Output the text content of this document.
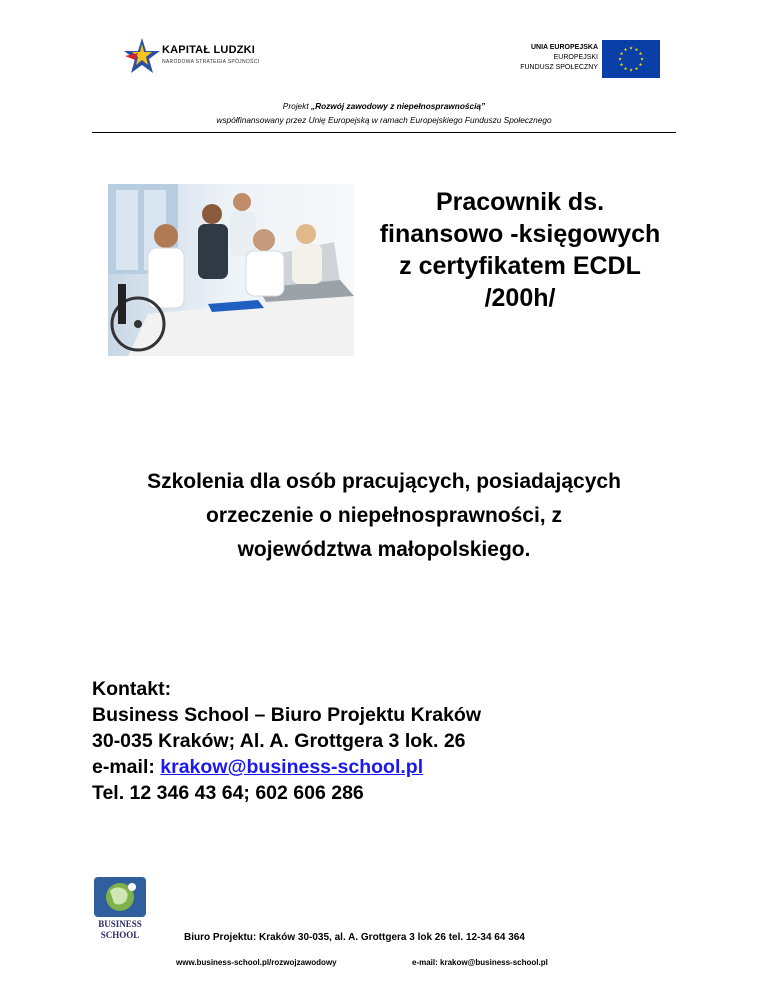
KAPITAŁ LUDZKI
NARODOWA STRATEGIA SPÓJNOŚCI
UNIA EUROPEJSKA
EUROPEJSKI
FUNDUSZ SPOŁECZNY
★ ★
★
★
★
★
★
★
★
★
★
★
Projekt „Rozwój zawodowy z niepełnosprawnością”
współfinansowany przez Unię Europejską w ramach Europejskiego Funduszu Społecznego
Pracownik ds.
finansowo -księgowych
z certyfikatem ECDL
/200h/
Szkolenia dla osób pracujących, posiadających
orzeczenie o niepełnosprawności, z
województwa małopolskiego.
Kontakt:
Business School – Biuro Projektu Kraków
30-035 Kraków; Al. A. Grottgera 3 lok. 26
e-mail: krakow@business-school.pl
Tel. 12 346 43 64; 602 606 286
BUSINESS
SCHOOL	Biuro Projektu: Kraków 30-035, al. A. Grottgera 3 lok 26 tel. 12-34 64 364
www.business-school.pl/rozwojzawodowy	e-mail: krakow@business-school.pl
